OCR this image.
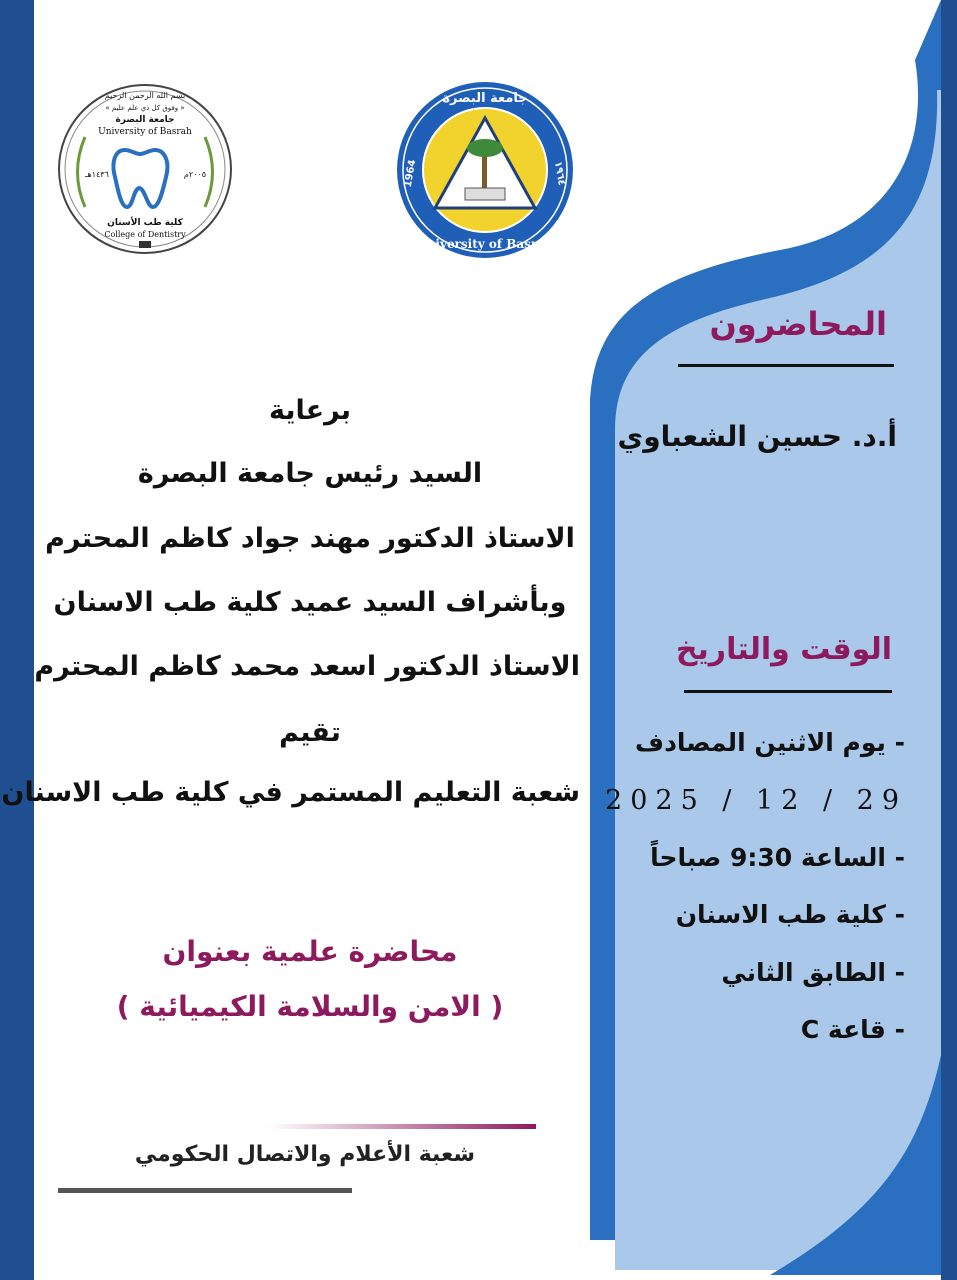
بسم الله الرحمن الرحيم
« وفوق كل ذي علم عليم »
جامعة البصرة
University of Basrah
١٤٣٦هـ	٢٠٠٥م
كلية طب الأسنان
College of Dentistry
جامعة البصرة
University of Basrah
1964	١٩٦٤
برعاية
السيد رئيس جامعة البصرة
الاستاذ الدكتور مهند جواد كاظم المحترم
وبأشراف السيد عميد كلية طب الاسنان
الاستاذ الدكتور اسعد محمد كاظم المحترم
تقيم
شعبة التعليم المستمر في كلية طب الاسنان
محاضرة علمية بعنوان
( الامن والسلامة الكيميائية )
شعبة الأعلام والاتصال الحكومي
المحاضرون
أ.د. حسين الشعباوي
الوقت والتاريخ
- يوم الاثنين المصادف
2025 / 12 / 29
- الساعة 9:30 صباحاً
- كلية طب الاسنان
- الطابق الثاني
- قاعة C
